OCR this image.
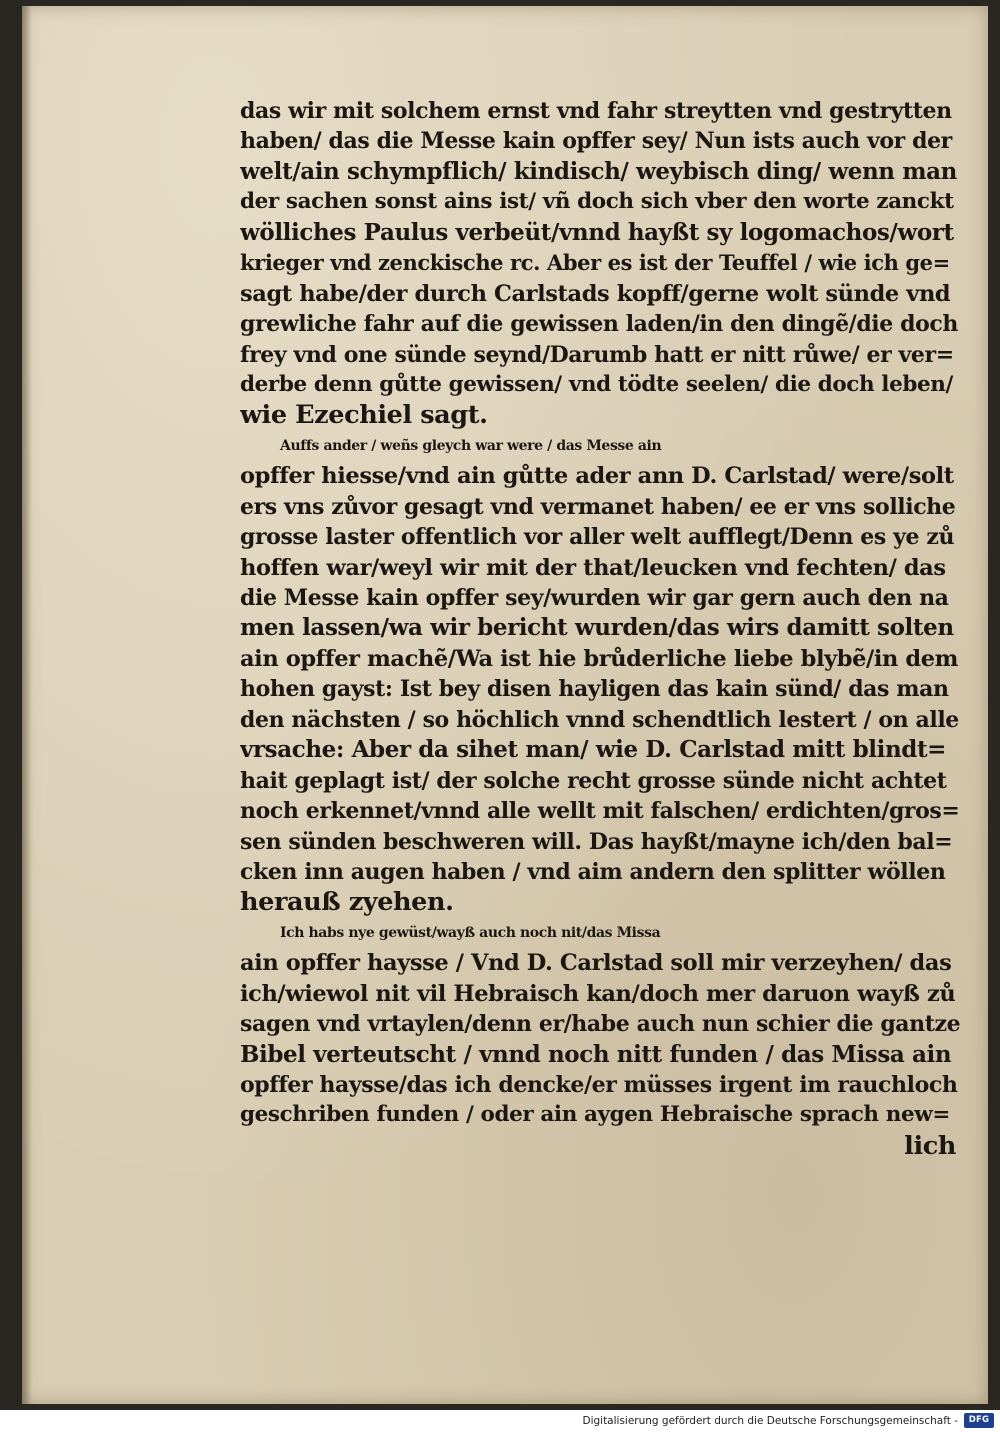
das wir mit solchem ernst vnd fahr streytten vnd gestrytten
haben/ das die Messe kain opffer sey/ Nun ists auch vor der
welt/ain schympflich/ kindisch/ weybisch ding/ wenn man
der sachen sonst ains ist/ vñ doch sich vber den worte zanckt
wölliches Paulus verbeüt/vnnd hayßt sy logomachos/wort
krieger vnd zenckische rc. Aber es ist der Teuffel / wie ich ge=
sagt habe/der durch Carlstads kopff/gerne wolt sünde vnd
grewliche fahr auf die gewissen laden/in den dingẽ/die doch
frey vnd one sünde seynd/Darumb hatt er nitt růwe/ er ver=
derbe denn gůtte gewissen/ vnd tödte seelen/ die doch leben/
wie Ezechiel sagt.
Auffs ander / weñs gleych war were / das Messe ain
opffer hiesse/vnd ain gůtte ader ann D. Carlstad/ were/solt
ers vns zůvor gesagt vnd vermanet haben/ ee er vns solliche
grosse laster offentlich vor aller welt aufflegt/Denn es ye zů
hoffen war/weyl wir mit der that/leucken vnd fechten/ das
die Messe kain opffer sey/wurden wir gar gern auch den na
men lassen/wa wir bericht wurden/das wirs damitt solten
ain opffer machẽ/Wa ist hie brůderliche liebe blybẽ/in dem
hohen gayst: Ist bey disen hayligen das kain sünd/ das man
den nächsten / so höchlich vnnd schendtlich lestert / on alle
vrsache: Aber da sihet man/ wie D. Carlstad mitt blindt=
hait geplagt ist/ der solche recht grosse sünde nicht achtet
noch erkennet/vnnd alle wellt mit falschen/ erdichten/gros=
sen sünden beschweren will. Das hayßt/mayne ich/den bal=
cken inn augen haben / vnd aim andern den splitter wöllen
herauß zyehen.
Ich habs nye gewüst/wayß auch noch nit/das Missa
ain opffer haysse / Vnd D. Carlstad soll mir verzeyhen/ das
ich/wiewol nit vil Hebraisch kan/doch mer daruon wayß zů
sagen vnd vrtaylen/denn er/habe auch nun schier die gantze
Bibel verteutscht / vnnd noch nitt funden / das Missa ain
opffer haysse/das ich dencke/er müsses irgent im rauchloch
geschriben funden / oder ain aygen Hebraische sprach new=
lich
Digitalisierung gefördert durch die Deutsche Forschungsgemeinschaft -	DFG
